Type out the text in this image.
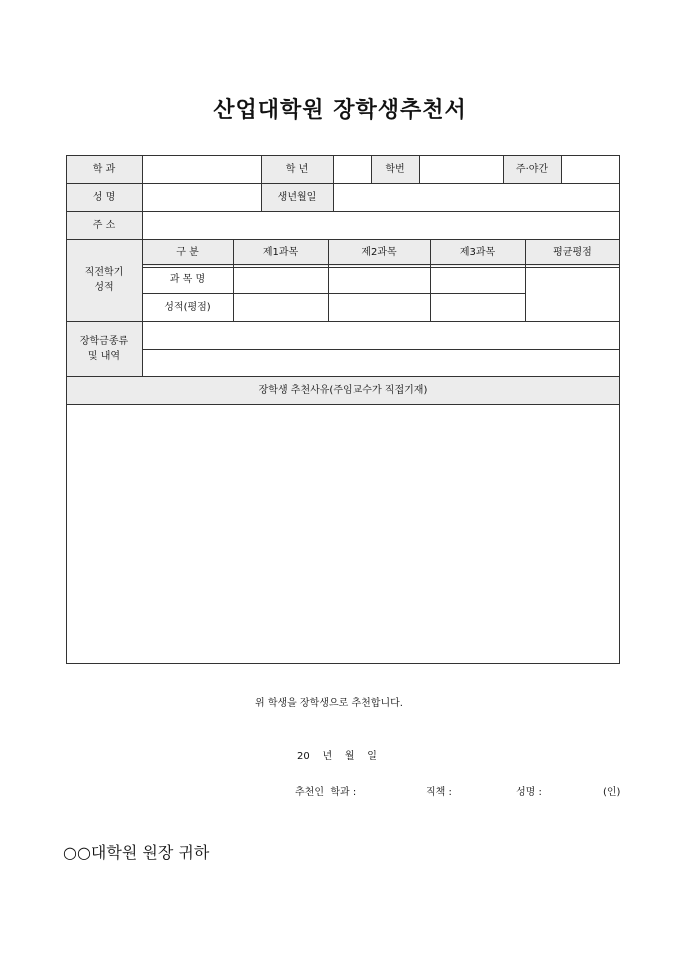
산업대학원 장학생추천서
학 과	학 년	학번	주·야간
성 명	생년월일
주 소
직전학기
성적
구 분	제1과목	제2과목	제3과목	평균평점
과 목 명
성적(평점)
장학금종류
및 내역
장학생 추천사유(주임교수가 직접기재)
위 학생을 장학생으로 추천합니다.
20    년    월    일
추천인  학과 :	직책 :	성명 :	(인)
○○대학원 원장 귀하
